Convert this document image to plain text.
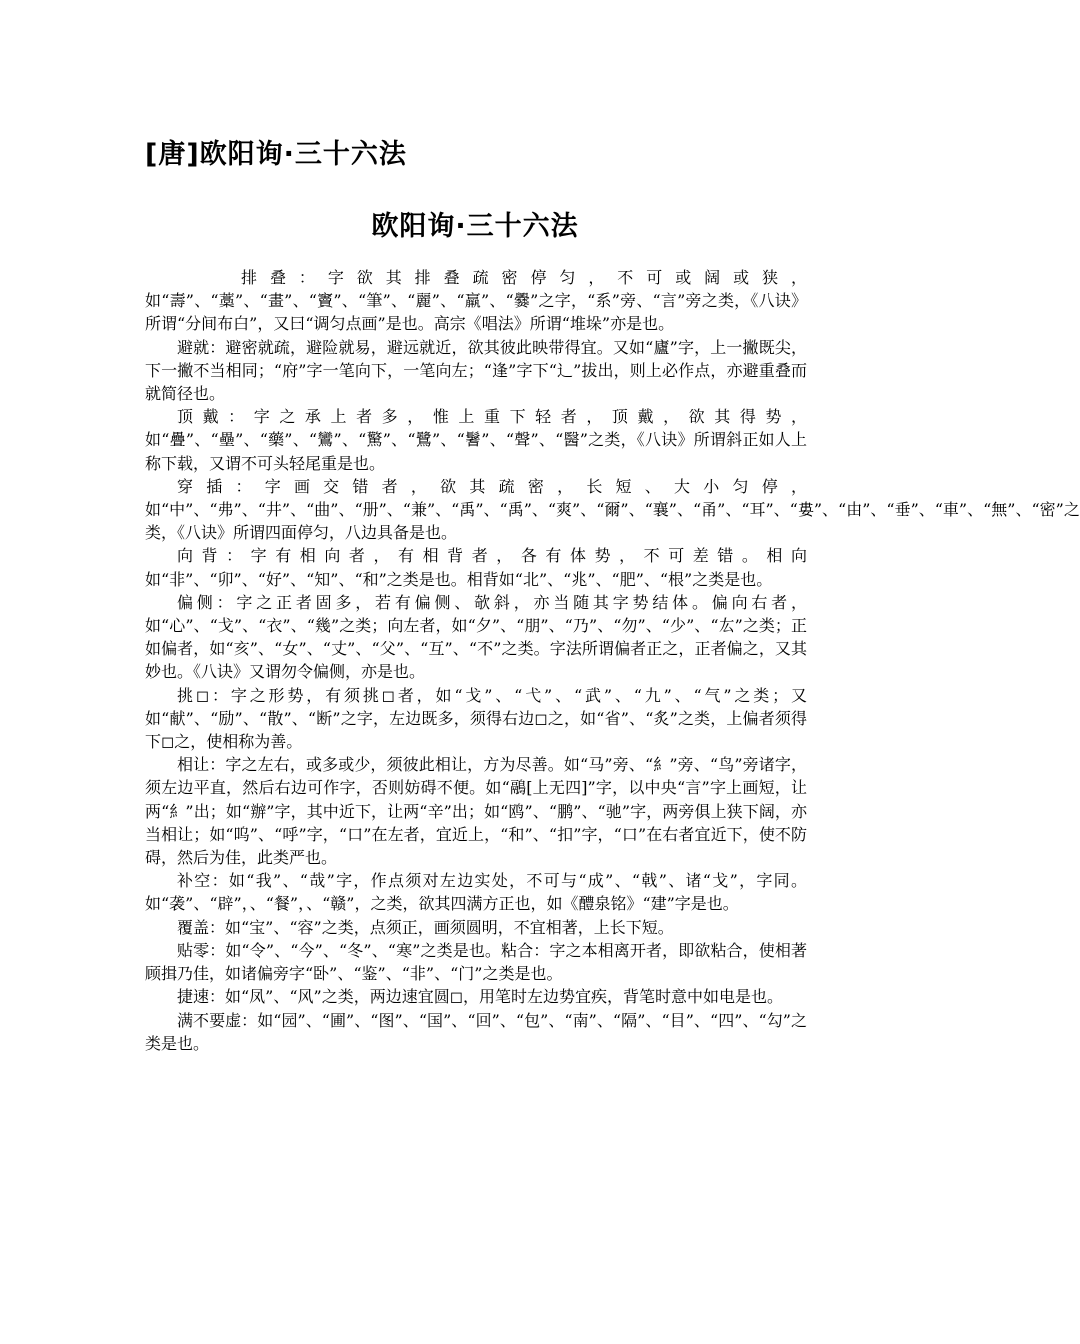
[唐]欧阳询·三十六法
欧阳询·三十六法

排叠：字欲其排叠疏密停匀，不可或阔或狭，如“壽”、“藁”、“畫”、“竇”、“筆”、“麗”、“羸”、“爨”之字，“系”旁、“言”旁之类，《八诀》所谓“分间布白”，又曰“调匀点画”是也。高宗《唱法》所谓“堆垛”亦是也。

避就：避密就疏，避险就易，避远就近，欲其彼此映带得宜。又如“廬”字，上一撇既尖，下一撇不当相同；“府”字一笔向下，一笔向左；“逢”字下“辶”拔出，则上必作点，亦避重叠而就简径也。

顶戴：字之承上者多，惟上重下轻者，顶戴，欲其得势，如“疊”、“壘”、“藥”、“鸞”、“驚”、“鷺”、“鬐”、“聲”、“醫”之类，《八诀》所谓斜正如人上称下载，又谓不可头轻尾重是也。

穿插：字画交错者，欲其疏密，长短、大小匀停，如“中”、“弗”、“井”、“曲”、“册”、“兼”、“禹”、“禹”、“爽”、“爾”、“襄”、“甬”、“耳”、“婁”、“由”、“垂”、“車”、“無”、“密”之类，《八诀》所谓四面停匀，八边具备是也。

向背：字有相向者，有相背者，各有体势，不可差错。相向如“非”、“卯”、“好”、“知”、“和”之类是也。相背如“北”、“兆”、“肥”、“根”之类是也。

偏侧：字之正者固多，若有偏侧、欹斜，亦当随其字势结体。偏向右者，如“心”、“戈”、“衣”、“幾”之类；向左者，如“夕”、“朋”、“乃”、“勿”、“少”、“厷”之类；正如偏者，如“亥”、“女”、“丈”、“父”、“互”、“不”之类。字法所谓偏者正之，正者偏之，又其妙也。《八诀》又谓勿令偏侧，亦是也。

挑◻：字之形势，有须挑◻者，如“戈”、“弋”、“武”、“九”、“气”之类；又如“献”、“励”、“散”、“断”之字，左边既多，须得右边◻之，如“省”、“炙”之类，上偏者须得下◻之，使相称为善。

相让：字之左右，或多或少，须彼此相让，方为尽善。如“马”旁、“糹”旁、“鸟”旁诸字，须左边平直，然后右边可作字，否则妨碍不便。如“鷊[上无四]”字，以中央“言”字上画短，让两“糹”出；如“辦”字，其中近下，让两“辛”出；如“鸥”、“鹏”、“驰”字，两旁俱上狭下阔，亦当相让；如“呜”、“呼”字，“口”在左者，宜近上，“和”、“扣”字，“口”在右者宜近下，使不防碍，然后为佳，此类严也。

补空：如“我”、“哉”字，作点须对左边实处，不可与“成”、“戟”、诸“戈”，字同。如“袭”、“辟”，、“餐”，、“赣”，之类，欲其四满方正也，如《醴泉铭》“建”字是也。

覆盖：如“宝”、“容”之类，点须正，画须圆明，不宜相著，上长下短。

贴零：如“令”、“今”、“冬”、“寒”之类是也。粘合：字之本相离开者，即欲粘合，使相著顾揖乃佳，如诸偏旁字“卧”、“鉴”、“非”、“门”之类是也。

捷速：如“凤”、“风”之类，两边速宜圆◻，用笔时左边势宜疾，背笔时意中如电是也。

满不要虚：如“园”、“圃”、“图”、“国”、“回”、“包”、“南”、“隔”、“目”、“四”、“勾”之类是也。
